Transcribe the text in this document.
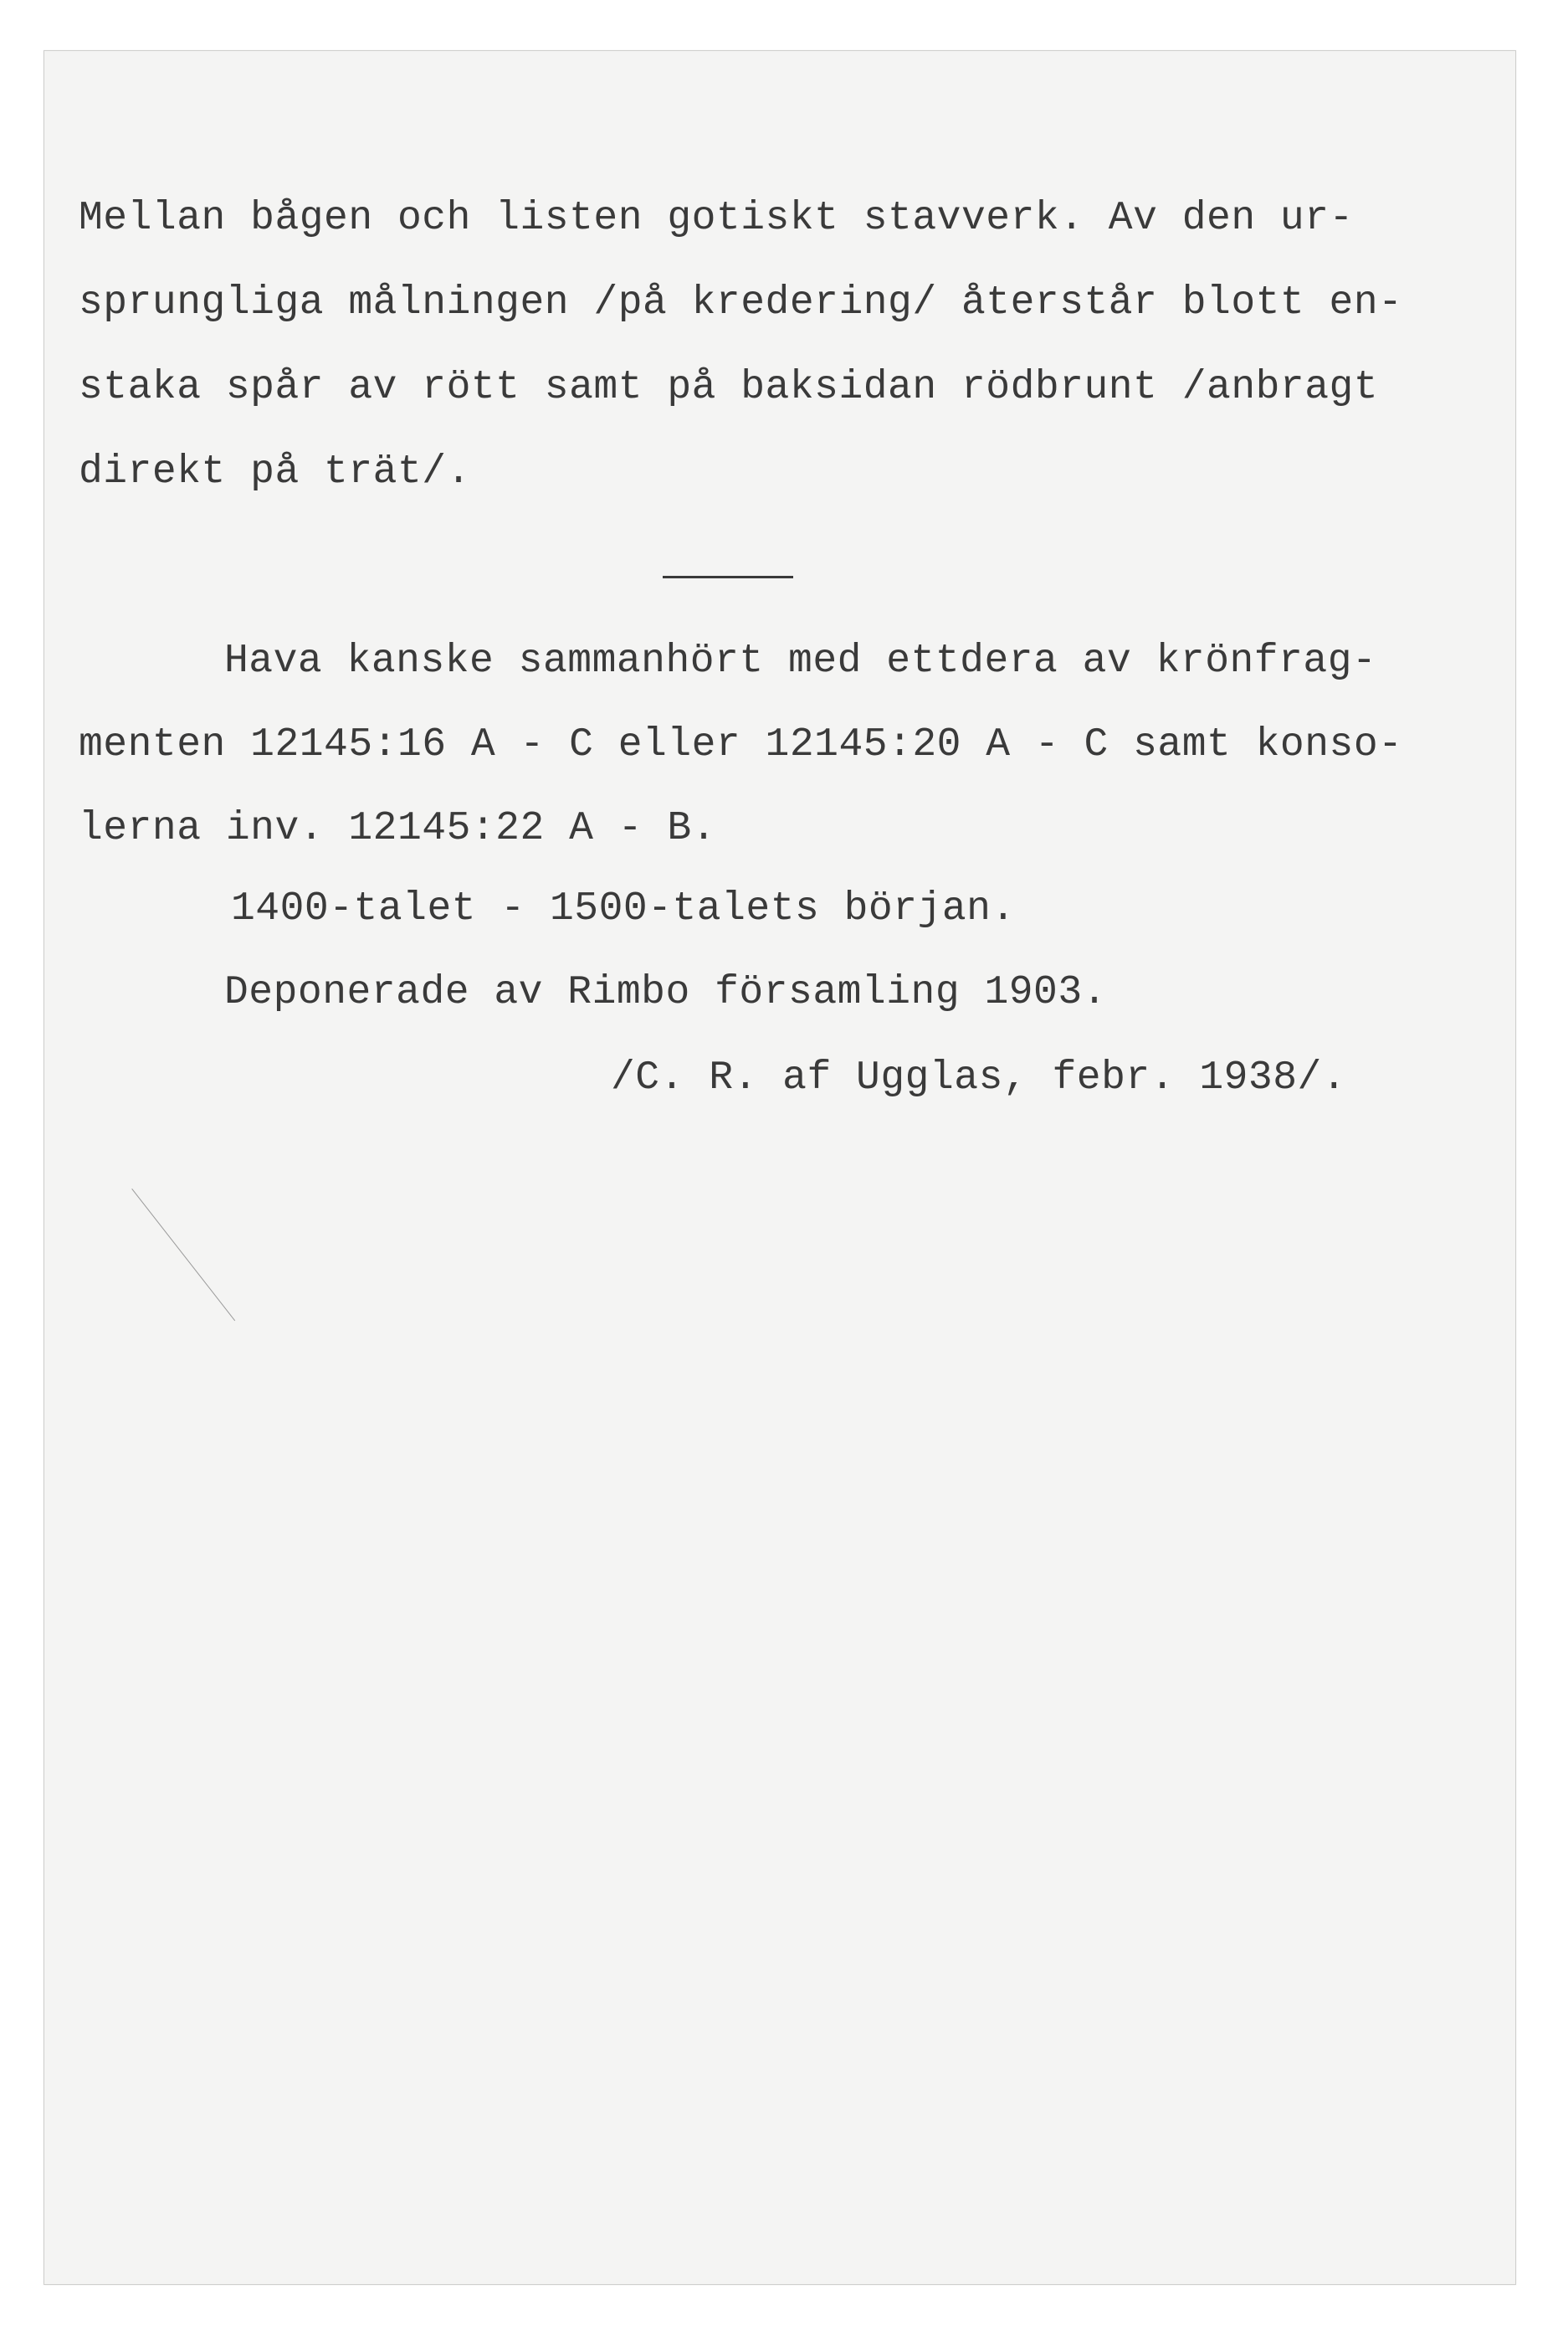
Mellan bågen och listen gotiskt stavverk. Av den ur-

sprungliga målningen /på kredering/ återstår blott en-

staka spår av rött samt på baksidan rödbrunt /anbragt

direkt på trät/.

Hava kanske sammanhört med ettdera av krönfrag-

menten 12145:16 A - C eller 12145:20 A - C samt konso-

lerna inv. 12145:22 A - B.

1400-talet - 1500-talets början.

Deponerade av Rimbo församling 1903.

/C. R. af Ugglas, febr. 1938/.
